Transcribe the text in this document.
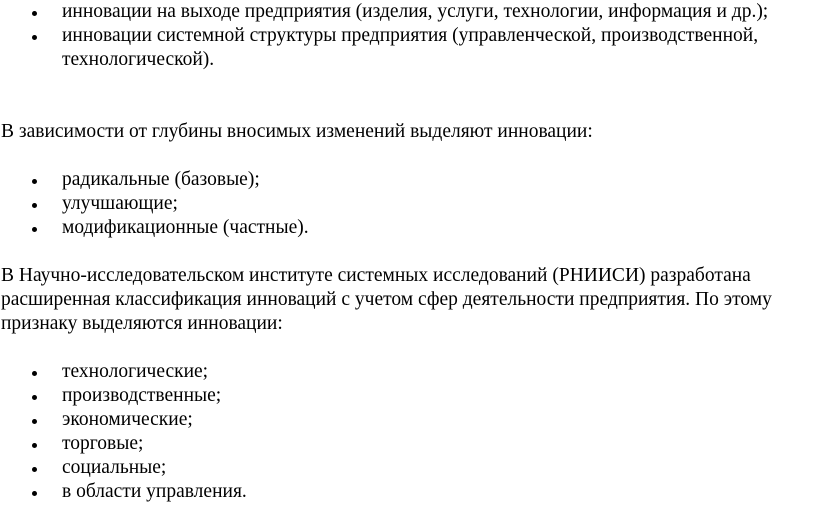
инновации на выходе предприятия (изделия, услуги, технологии, информация и др.);
инновации системной структуры предприятия (управленческой, производственной, технологической).

В зависимости от глубины вносимых изменений выделяют инновации:

радикальные (базовые);
улучшающие;
модификационные (частные).

В Научно-исследовательском институте системных исследований (РНИИСИ) разработана расширенная классификация инноваций с учетом сфер деятельности предприятия. По этому признаку выделяются инновации:

технологические;
производственные;
экономические;
торговые;
социальные;
в области управления.
